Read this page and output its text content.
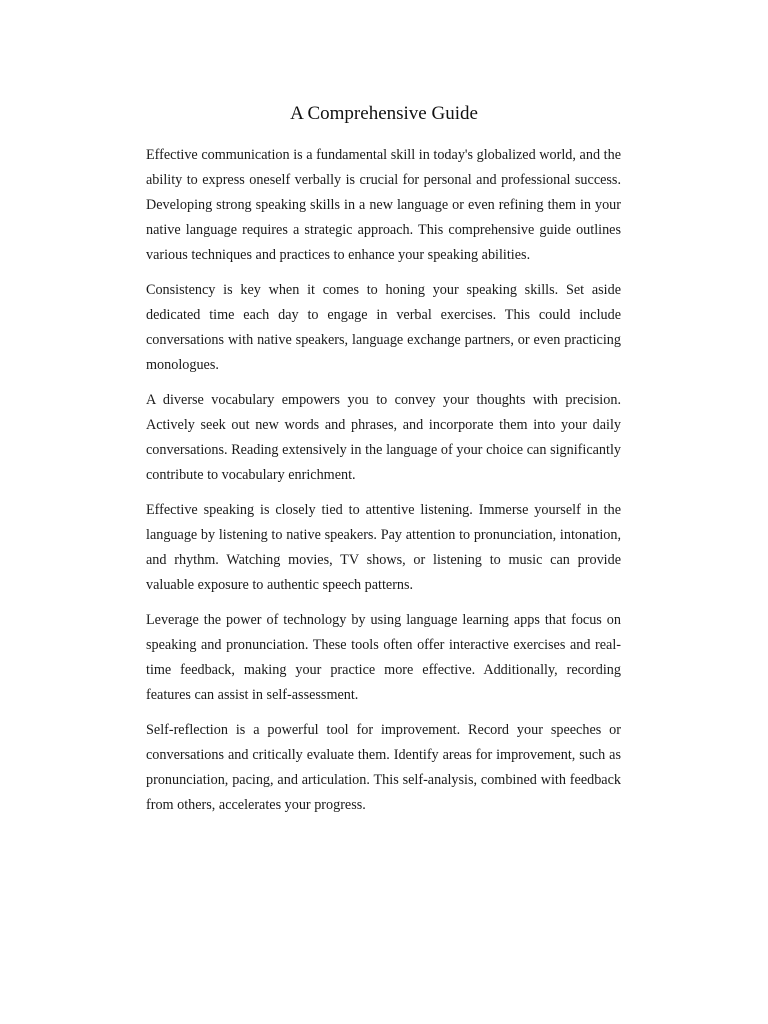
A Comprehensive Guide

Effective communication is a fundamental skill in today's globalized world, and the ability to express oneself verbally is crucial for personal and professional success. Developing strong speaking skills in a new language or even refining them in your native language requires a strategic approach. This comprehensive guide outlines various techniques and practices to enhance your speaking abilities.

Consistency is key when it comes to honing your speaking skills. Set aside dedicated time each day to engage in verbal exercises. This could include conversations with native speakers, language exchange partners, or even practicing monologues.

A diverse vocabulary empowers you to convey your thoughts with precision. Actively seek out new words and phrases, and incorporate them into your daily conversations. Reading extensively in the language of your choice can significantly contribute to vocabulary enrichment.

Effective speaking is closely tied to attentive listening. Immerse yourself in the language by listening to native speakers. Pay attention to pronunciation, intonation, and rhythm. Watching movies, TV shows, or listening to music can provide valuable exposure to authentic speech patterns.

Leverage the power of technology by using language learning apps that focus on speaking and pronunciation. These tools often offer interactive exercises and real-time feedback, making your practice more effective. Additionally, recording features can assist in self-assessment.

Self-reflection is a powerful tool for improvement. Record your speeches or conversations and critically evaluate them. Identify areas for improvement, such as pronunciation, pacing, and articulation. This self-analysis, combined with feedback from others, accelerates your progress.
